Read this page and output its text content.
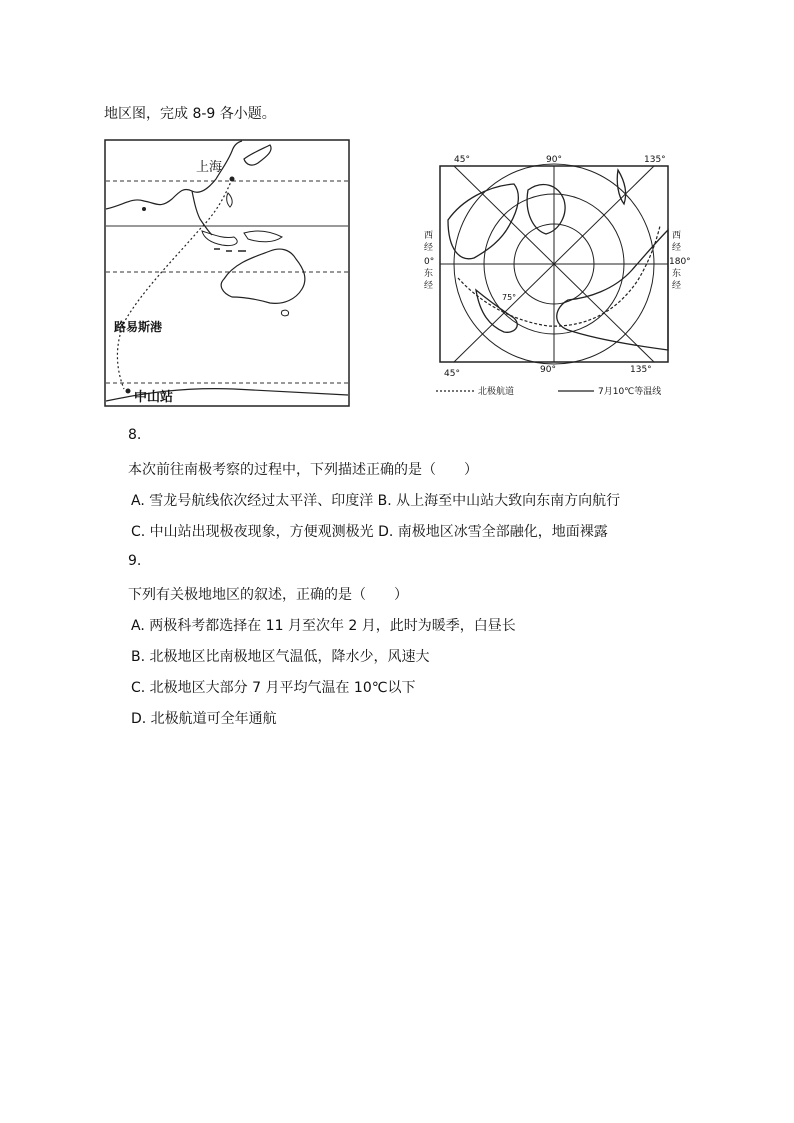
地区图，完成 8-9 各小题。
上海
路易斯港
中山站
45°	90°	135°
45°	90°	135°
西
经
0°
东
经
西
经
180°
东
经
75°
北极航道	7月10℃等温线
8.
本次前往南极考察的过程中，下列描述正确的是（　　）
A. 雪龙号航线依次经过太平洋、印度洋 B. 从上海至中山站大致向东南方向航行
C. 中山站出现极夜现象，方便观测极光 D. 南极地区冰雪全部融化，地面裸露
9.
下列有关极地地区的叙述，正确的是（　　）
A. 两极科考都选择在 11 月至次年 2 月，此时为暖季，白昼长
B. 北极地区比南极地区气温低，降水少，风速大
C. 北极地区大部分 7 月平均气温在 10℃以下
D. 北极航道可全年通航
